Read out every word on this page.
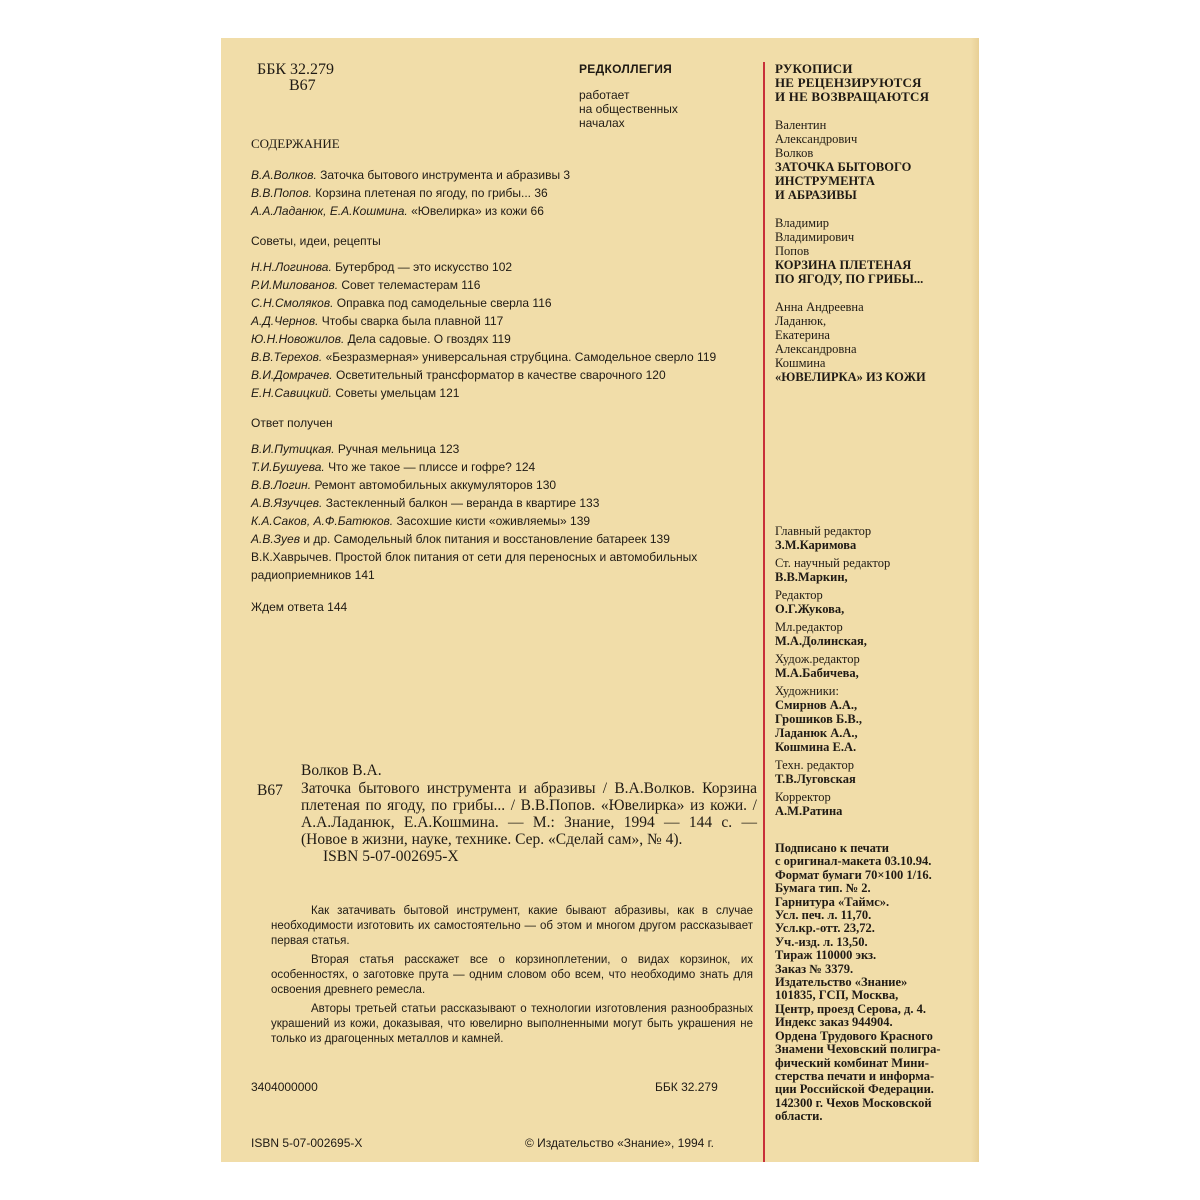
ББК 32.279
В67
РЕДКОЛЛЕГИЯ
работает
на общественных
началах
СОДЕРЖАНИЕ
В.А.Волков. Заточка бытового инструмента и абразивы 3
В.В.Попов. Корзина плетеная по ягоду, по грибы... 36
А.А.Ладанюк, Е.А.Кошмина. «Ювелирка» из кожи 66
Советы, идеи, рецепты
Н.Н.Логинова. Бутерброд — это искусство 102
Р.И.Милованов. Совет телемастерам 116
С.Н.Смоляков. Оправка под самодельные сверла 116
А.Д.Чернов. Чтобы сварка была плавной 117
Ю.Н.Новожилов. Дела садовые. О гвоздях 119
В.В.Терехов. «Безразмерная» универсальная струбцина. Самодельное сверло 119
В.И.Домрачев. Осветительный трансформатор в качестве сварочного 120
Е.Н.Савицкий. Советы умельцам 121
Ответ получен
В.И.Путицкая. Ручная мельница 123
Т.И.Бушуева. Что же такое — плиссе и гофре? 124
В.В.Логин. Ремонт автомобильных аккумуляторов 130
А.В.Язучцев. Застекленный балкон — веранда в квартире 133
К.А.Саков, А.Ф.Батюков. Засохшие кисти «оживляемы» 139
А.В.Зуев и др. Самодельный блок питания и восстановление батареек 139
В.К.Хаврычев. Простой блок питания от сети для переносных и автомобильных радиоприемников 141
Ждем ответа 144
В67
Волков В.А.
Заточка бытового инструмента и абразивы / В.А.Волков. Корзина плетеная по ягоду, по грибы... / В.В.Попов. «Ювелирка» из кожи. / А.А.Ладанюк, Е.А.Кошмина. — М.: Знание, 1994 — 144 с. — (Новое в жизни, науке, технике. Сер. «Сделай сам», № 4).
ISBN 5-07-002695-X

Как затачивать бытовой инструмент, какие бывают абразивы, как в случае необходимости изготовить их самостоятельно — об этом и многом другом рассказывает первая статья.

Вторая статья расскажет все о корзиноплетении, о видах корзинок, их особенностях, о заготовке прута — одним словом обо всем, что необходимо знать для освоения древнего ремесла.

Авторы третьей статьи рассказывают о технологии изготовления разнообразных украшений из кожи, доказывая, что ювелирно выполненными могут быть украшения не только из драгоценных металлов и камней.

3404000000	ББК 32.279
ISBN 5-07-002695-X	© Издательство «Знание», 1994 г.
РУКОПИСИ
НЕ РЕЦЕНЗИРУЮТСЯ
И НЕ ВОЗВРАЩАЮТСЯ
Валентин
Александрович
Волков
ЗАТОЧКА БЫТОВОГО
ИНСТРУМЕНТА
И АБРАЗИВЫ
Владимир
Владимирович
Попов
КОРЗИНА ПЛЕТЕНАЯ
ПО ЯГОДУ, ПО ГРИБЫ...
Анна Андреевна
Ладанюк,
Екатерина
Александровна
Кошмина
«ЮВЕЛИРКА» ИЗ КОЖИ
Главный редактор
З.М.Каримова
Ст. научный редактор
В.В.Маркин,
Редактор
О.Г.Жукова,
Мл.редактор
М.А.Долинская,
Худож.редактор
М.А.Бабичева,
Художники:
Смирнов А.А.,
Грошиков Б.В.,
Ладанюк А.А.,
Кошмина Е.А.
Техн. редактор
Т.В.Луговская
Корректор
А.М.Ратина
Подписано к печати
с оригинал-макета 03.10.94.
Формат бумаги 70×100 1/16.
Бумага тип. № 2.
Гарнитура «Таймс».
Усл. печ. л. 11,70.
Усл.кр.-отт. 23,72.
Уч.-изд. л. 13,50.
Тираж 110000 экз.
Заказ № 3379.
Издательство «Знание»
101835, ГСП, Москва,
Центр, проезд Серова, д. 4.
Индекс заказ 944904.
Ордена Трудового Красного
Знамени Чеховский полигра-
фический комбинат Мини-
стерства печати и информа-
ции Российской Федерации.
142300 г. Чехов Московской
области.
